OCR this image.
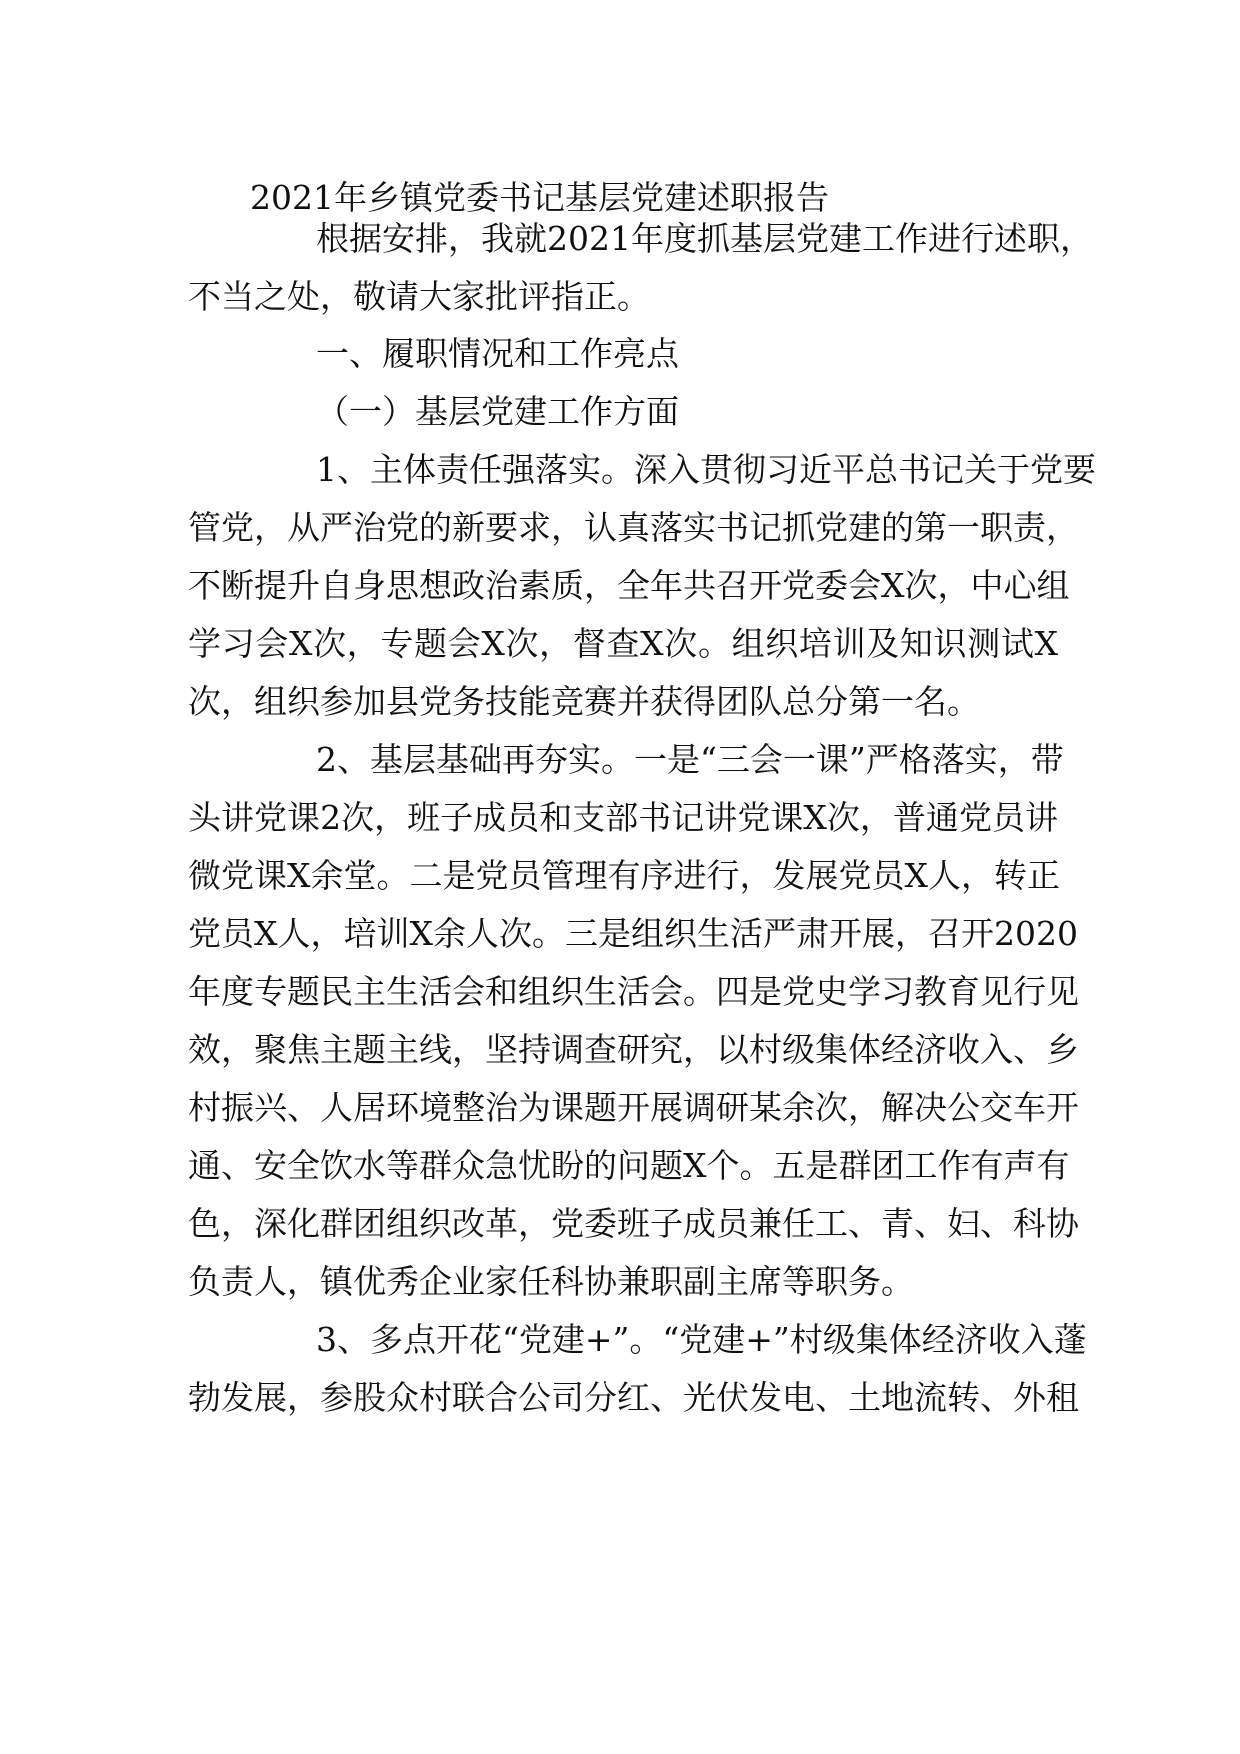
2021年乡镇党委书记基层党建述职报告
根据安排，我就2021年度抓基层党建工作进行述职，
不当之处，敬请大家批评指正。
一、履职情况和工作亮点
（一）基层党建工作方面
1、主体责任强落实。深入贯彻习近平总书记关于党要
管党，从严治党的新要求，认真落实书记抓党建的第一职责，
不断提升自身思想政治素质，全年共召开党委会X次，中心组
学习会X次，专题会X次，督查X次。组织培训及知识测试X
次，组织参加县党务技能竞赛并获得团队总分第一名。
2、基层基础再夯实。一是“三会一课”严格落实，带
头讲党课2次，班子成员和支部书记讲党课X次，普通党员讲
微党课X余堂。二是党员管理有序进行，发展党员X人，转正
党员X人，培训X余人次。三是组织生活严肃开展，召开2020
年度专题民主生活会和组织生活会。四是党史学习教育见行见
效，聚焦主题主线，坚持调查研究，以村级集体经济收入、乡
村振兴、人居环境整治为课题开展调研某余次，解决公交车开
通、安全饮水等群众急忧盼的问题X个。五是群团工作有声有
色，深化群团组织改革，党委班子成员兼任工、青、妇、科协
负责人，镇优秀企业家任科协兼职副主席等职务。
3、多点开花“党建+”。“党建+”村级集体经济收入蓬
勃发展，参股众村联合公司分红、光伏发电、土地流转、外租
